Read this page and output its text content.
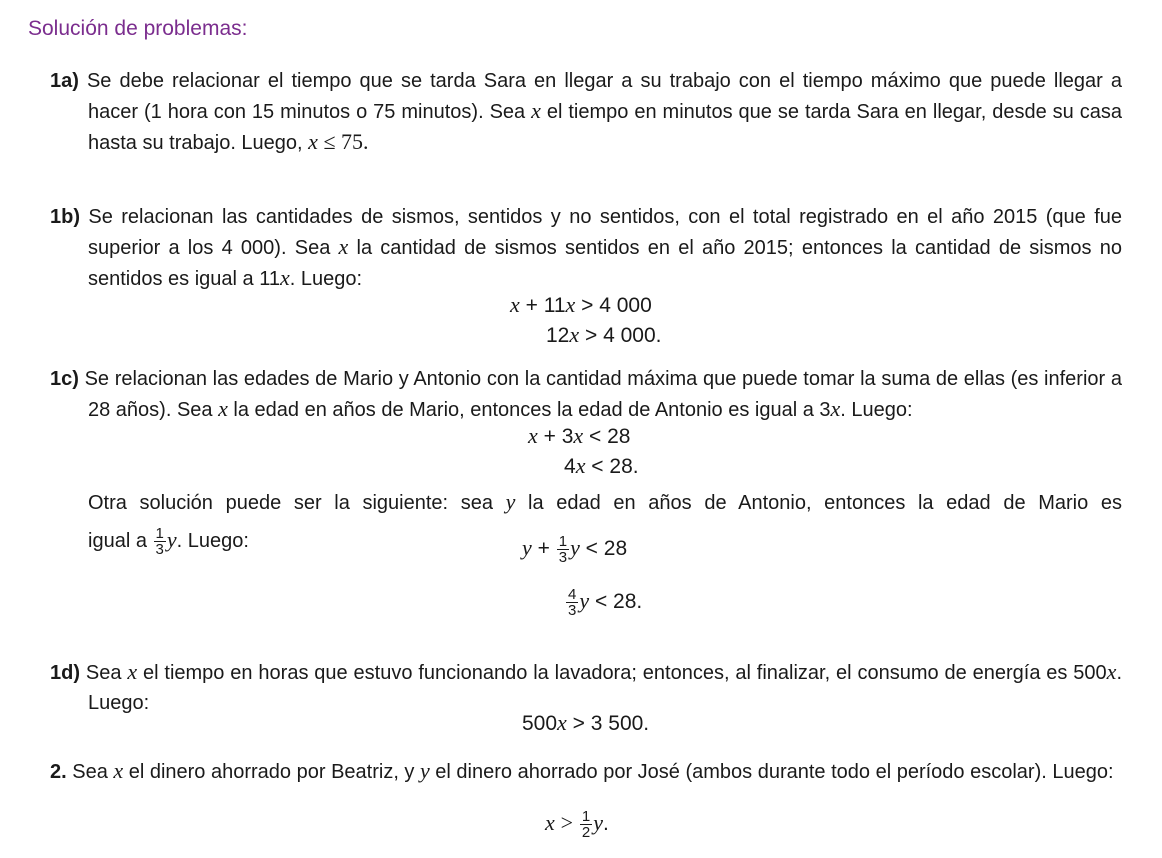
Solución de problemas:
1a) Se debe relacionar el tiempo que se tarda Sara en llegar a su trabajo con el tiempo máximo que puede llegar a hacer (1 hora con 15 minutos o 75 minutos). Sea x el tiempo en minutos que se tarda Sara en llegar, desde su casa hasta su trabajo. Luego, x ≤ 75.
1b) Se relacionan las cantidades de sismos, sentidos y no sentidos, con el total registrado en el año 2015 (que fue superior a los 4 000). Sea x la cantidad de sismos sentidos en el año 2015; entonces la cantidad de sismos no sentidos es igual a 11x. Luego:
x + 11x > 4 000
12x > 4 000.
1c) Se relacionan las edades de Mario y Antonio con la cantidad máxima que puede tomar la suma de ellas (es inferior a 28 años). Sea x la edad en años de Mario, entonces la edad de Antonio es igual a 3x. Luego:
x + 3x < 28
4x < 28.
Otra solución puede ser la siguiente: sea y la edad en años de Antonio, entonces la edad de Mario es
igual a $\frac{1}{3} y$. Luego:	$y + \frac{1}{3}$ y < 28
$\frac{4}{3}$ y < 28.
1d) Sea x el tiempo en horas que estuvo funcionando la lavadora; entonces, al finalizar, el consumo de energía es 500x. Luego:
500x > 3 500.
2. Sea x el dinero ahorrado por Beatriz, y y el dinero ahorrado por José (ambos durante todo el período escolar). Luego:
$x > \frac{1}{2} y$.
